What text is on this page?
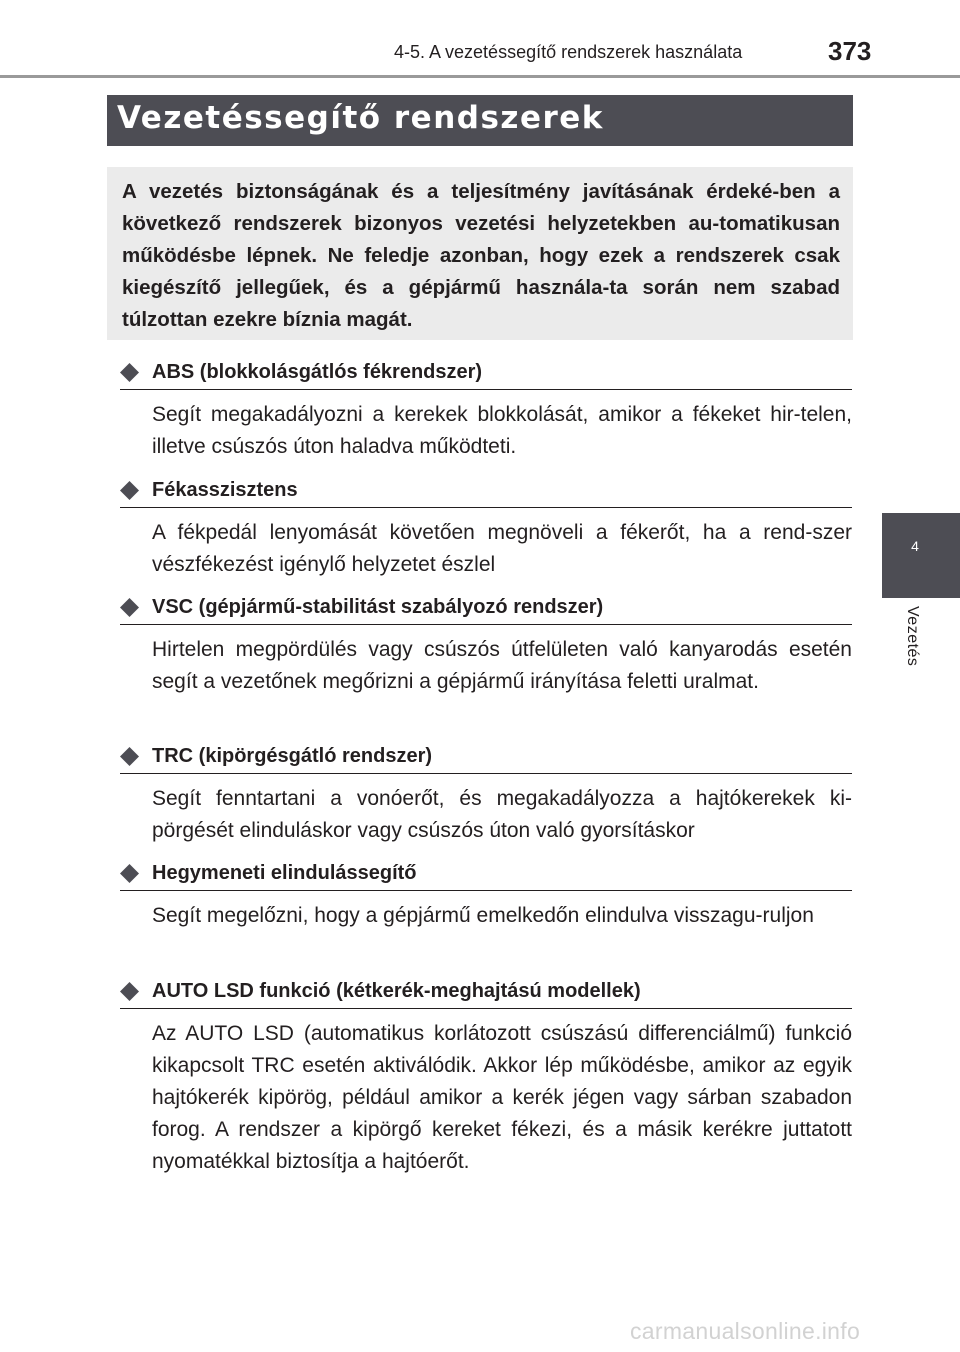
4-5. A vezetéssegítő rendszerek használata	373
4
Vezetés
Vezetéssegítő rendszerek
A vezetés biztonságának és a teljesítmény javításának érdeké-ben a következő rendszerek bizonyos vezetési helyzetekben au-tomatikusan működésbe lépnek. Ne feledje azonban, hogy ezek a rendszerek csak kiegészítő jellegűek, és a gépjármű használa-ta során nem szabad túlzottan ezekre bíznia magát.
ABS (blokkolásgátlós fékrendszer)
Segít megakadályozni a kerekek blokkolását, amikor a fékeket hir-telen, illetve csúszós úton haladva működteti.
Fékasszisztens
A fékpedál lenyomását követően megnöveli a fékerőt, ha a rend-szer vészfékezést igénylő helyzetet észlel
VSC (gépjármű-stabilitást szabályozó rendszer)
Hirtelen megpördülés vagy csúszós útfelületen való kanyarodás esetén segít a vezetőnek megőrizni a gépjármű irányítása feletti uralmat.
TRC (kipörgésgátló rendszer)
Segít fenntartani a vonóerőt, és megakadályozza a hajtókerekek ki-pörgését elinduláskor vagy csúszós úton való gyorsításkor
Hegymeneti elindulássegítő
Segít megelőzni, hogy a gépjármű emelkedőn elindulva visszagu-ruljon
AUTO LSD funkció (kétkerék-meghajtású modellek)
Az AUTO LSD (automatikus korlátozott csúszású differenciálmű) funkció kikapcsolt TRC esetén aktiválódik. Akkor lép működésbe, amikor az egyik hajtókerék kipörög, például amikor a kerék jégen vagy sárban szabadon forog. A rendszer a kipörgő kereket fékezi, és a másik kerékre juttatott nyomatékkal biztosítja a hajtóerőt.
carmanualsonline.info
